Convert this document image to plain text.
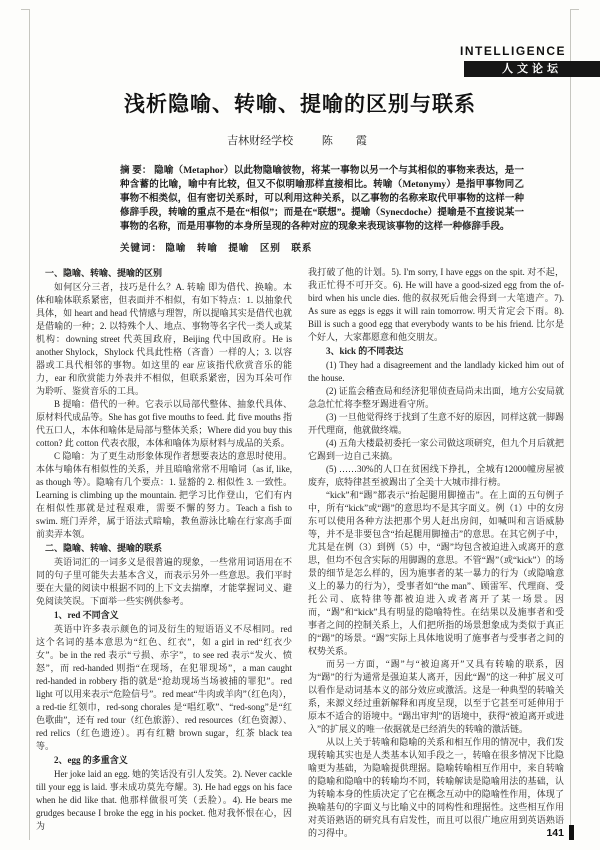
INTELLIGENCE
人文论坛
浅析隐喻、转喻、提喻的区别与联系
吉林财经学校	陈　霞

摘 要： 隐喻（Metaphor）以此物隐喻彼物，将某一事物以另一个与其相似的事物来表达，是一种含蓄的比喻，喻中有比较，但又不似明喻那样直接相比。转喻（Metonymy）是指甲事物同乙事物不相类似，但有密切关系时，可以利用这种关系，以乙事物的名称来取代甲事物的这样一种修辞手段，转喻的重点不是在“相似”；而是在“联想”。提喻（Synecdoche）提喻是不直接说某一事物的名称，而是用事物的本身所呈现的各种对应的现象来表现该事物的这样一种修辞手段。

关键词： 隐喻　转喻　提喻　区别　联系

一、隐喻、转喻、提喻的区别

如何区分三者，技巧是什么？A. 转喻 即为借代、换喻。本体和喻体联系紧密，但表面并不相似，有如下特点：1. 以抽象代具体，如 heart and head 代情感与理智，所以提喻其实是借代也就是借喻的一种；2. 以特殊个人、地点、事物等名字代一类人或某机构：downing street 代英国政府，Beijing 代中国政府。He is another Shylock，Shylock 代具此性格（吝啬）一样的人；3. 以容器或工具代相邻的事物。如这里的 ear 应该指代欣赏音乐的能力，ear 和欣赏能力外表并不相似，但联系紧密，因为耳朵可作为聆听、鉴赏音乐的工具。

B 提喻：借代的一种。它表示以局部代整体、抽象代具体、原材料代成品等。She has got five mouths to feed. 此 five mouths 指代五口人，本体和喻体是局部与整体关系；Where did you buy this cotton? 此 cotton 代表衣服，本体和喻体为原材料与成品的关系。

C 隐喻：为了更生动形象体现作者想要表达的意思时使用。本体与喻体有相似性的关系，并且暗喻常常不用喻词（as if, like, as though 等）。隐喻有几个要点：1. 显豁的 2. 相似性 3. 一致性。Learning is climbing up the mountain. 把学习比作登山，它们有内在相似性那就是过程艰难，需要不懈的努力。Teach a fish to swim. 班门弄斧，属于语法式暗喻，教鱼游泳比喻在行家高手面前卖弄本领。

二、隐喻、转喻、提喻的联系

英语词汇的一词多义是很普遍的现象，一些常用词语用在不同的句子里可能失去基本含义，而表示另外一些意思。我们平时要在大量的阅读中根据不同的上下文去揣摩，才能掌握词义、避免阅读笑误。下面举一些实例供参考。

1、red 不同含义

英语中许多表示颜色的词及衍生的短语语义不尽相同。red 这个名词的基本意思为“红色、红衣”，如 a girl in red“红衣少女”。be in the red 表示“亏损、赤字”，to see red 表示“发火、愤怒”，而 red-handed 则指“在现场，在犯罪现场”，a man caught red-handed in robbery 指的就是“抢劫现场当场被捕的罪犯”。red light 可以用来表示“危险信号”。red meat“牛肉或羊肉”（红色肉），a red-tie 红领巾，red-song chorales 是“唱红歌”、“red-song”是“红色歌曲”，还有 red tour（红色旅游）、red resources（红色资源）、red relics（红色遗迹）。再有红糖 brown sugar，红茶 black tea 等。

2、egg 的多重含义

Her joke laid an egg. 她的笑话没有引人发笑。2). Never cackle till your egg is laid. 事未成功莫先夸耀。3). He had eggs on his face when he did like that. 他那样做很可笑（丢脸）。4). He bears me grudges because I broke the egg in his pocket. 他对我怀恨在心，因为

我打破了他的计划。5). I'm sorry, I have eggs on the spit. 对不起，我正忙得不可开交。6). He will have a good-sized egg from the of-bird when his uncle dies. 他的叔叔死后他会得到一大笔遗产。7). As sure as eggs is eggs it will rain tomorrow. 明天肯定会下雨。8). Bill is such a good egg that everybody wants to be his friend. 比尔是个好人，大家都愿意和他交朋友。

3、kick 的不同表达

(1) They had a disagreement and the landlady kicked him out of the house.

(2) 证监会稽查局和经济犯罪侦查局尚未出面，地方公安局就急急忙忙将李整牙踢进看守所。

(3) 一旦他觉得终于找到了生意不好的原因，同样这就一脚踢开代理商，他就做终端。

(4) 五角大楼最初委托一家公司做这项研究，但九个月后就把它踢到一边自己来搞。

(5) ……30%的人口在贫困线下挣扎，全城有12000幢房屋被废弃，底特律甚至被踢出了全美十大城市排行榜。

“kick”和“踢”都表示“抬起腿用脚撞击”。在上面的五句例子中，所有“kick”或“踢”的意思均不是其字面义。例（1）中的女房东可以使用各种方法把那个男人赶出房间，如喊叫和言语威胁等，并不是非要包含“抬起腿用脚撞击”的意思。在其它例子中，尤其是在例（3）到例（5）中，“踢”均包含被迫进入或离开的意思，但均不包含实际的用脚踢的意思。不管“踢”（或“kick”）的场景的细节是怎么样的，因为施事者的某一暴力的行为（或隐喻意义上的暴力的行为），受事者如“the man”、顾雷军、代理商、受托公司、底特律等都被迫进入或者离开了某一场景。因而，“踢”和“kick”具有明显的隐喻特性。在结果以及施事者和受事者之间的控制关系上，人们把所指的场景想象成为类似于真正的“踢”的场景。“踢”实际上具体地说明了施事者与受事者之间的权势关系。

而另一方面，“踢”与“被迫离开”又具有转喻的联系，因为“踢”的行为通常是强迫某人离开，因此“踢”的这一种扩展义可以看作是动词基本义的部分效应或激活。这是一种典型的转喻关系，来源义经过重新解释和再度呈现，以至于它甚至可延伸用于原本不适合的语境中。“踢出审判”的语境中，获得“被迫离开或进入”的扩展义的唯一依据就是已经消失的转喻的激活链。

从以上关于转喻和隐喻的关系和相互作用的情况中，我们发现转喻其实也是人类基本认知手段之一，转喻在很多情况下比隐喻更为基础，为隐喻提供理据。隐喻转喻相互作用中，来自转喻的隐喻和隐喻中的转喻均不同，转喻解读是隐喻用法的基础，认为转喻本身的性质决定了它在概念互动中的隐喻性作用，体现了换喻基句的字面义与比喻义中的同构性和理据性。这些相互作用对英语熟语的研究具有启发性，而且可以很广地应用到英语熟语的习得中。	141
